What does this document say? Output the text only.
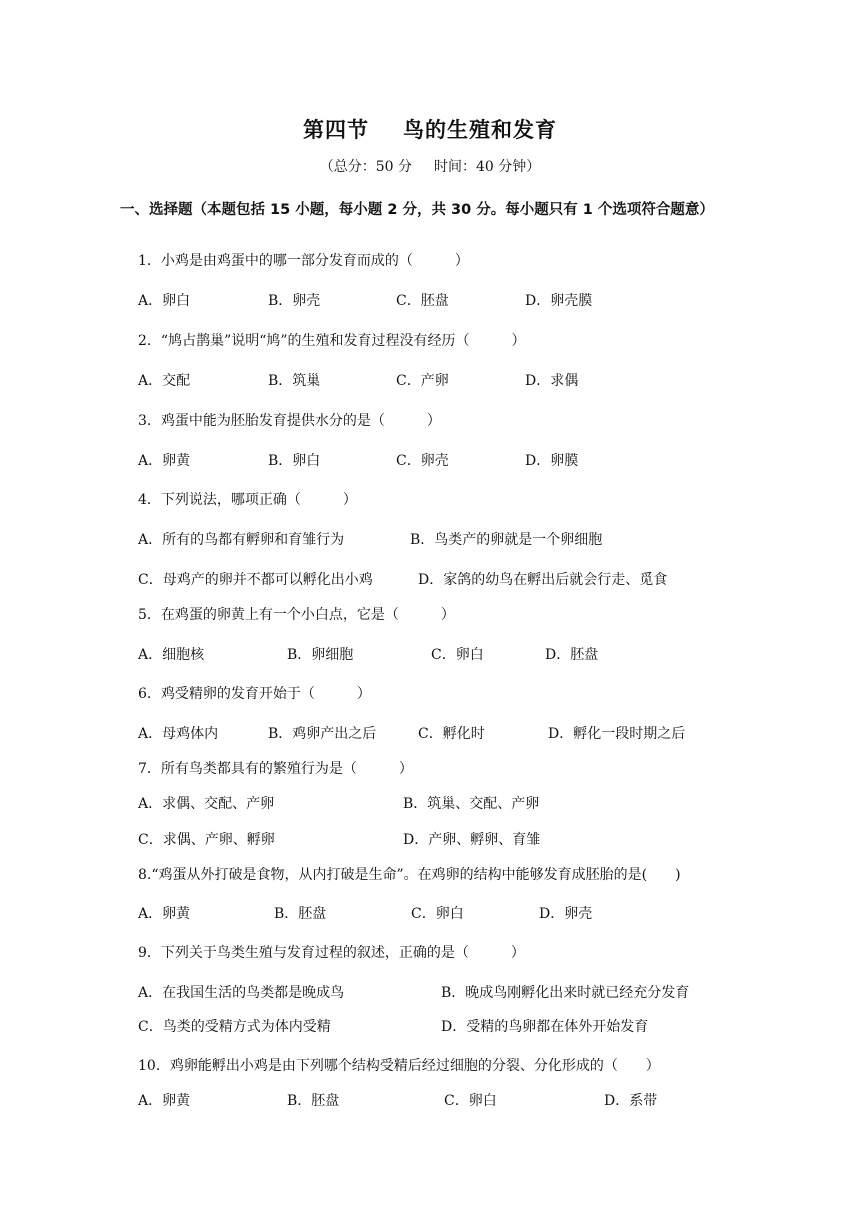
第四节 鸟的生殖和发育
（总分：50 分 时间：40 分钟）
一、选择题（本题包括 15 小题，每小题 2 分，共 30 分。每小题只有 1 个选项符合题意）
1．小鸡是由鸡蛋中的哪一部分发育而成的（　　　）
A．卵白	B．卵壳	C．胚盘	D．卵壳膜
2．“鸠占鹊巢”说明“鸠”的生殖和发育过程没有经历（　　　）
A．交配	B．筑巢	C．产卵	D．求偶
3．鸡蛋中能为胚胎发育提供水分的是（　　　）
A．卵黄	B．卵白	C．卵壳	D．卵膜
4．下列说法，哪项正确（　　　）
A．所有的鸟都有孵卵和育雏行为	B．鸟类产的卵就是一个卵细胞
C．母鸡产的卵并不都可以孵化出小鸡	D．家鸽的幼鸟在孵出后就会行走、觅食
5．在鸡蛋的卵黄上有一个小白点，它是（　　　）
A．细胞核	B．卵细胞	C．卵白	D．胚盘
6．鸡受精卵的发育开始于（　　　）
A．母鸡体内	B．鸡卵产出之后	C．孵化时	D．孵化一段时期之后
7．所有鸟类都具有的繁殖行为是（　　　）
A．求偶、交配、产卵	B．筑巢、交配、产卵
C．求偶、产卵、孵卵	D．产卵、孵卵、育雏
8.“鸡蛋从外打破是食物，从内打破是生命”。在鸡卵的结构中能够发育成胚胎的是(　　)
A．卵黄	B．胚盘	C．卵白	D．卵壳
9．下列关于鸟类生殖与发育过程的叙述，正确的是（　　　）
A．在我国生活的鸟类都是晚成鸟	B．晚成鸟刚孵化出来时就已经充分发育
C．鸟类的受精方式为体内受精	D．受精的鸟卵都在体外开始发育
10．鸡卵能孵出小鸡是由下列哪个结构受精后经过细胞的分裂、分化形成的（　　）
A．卵黄	B．胚盘	C．卵白	D．系带
